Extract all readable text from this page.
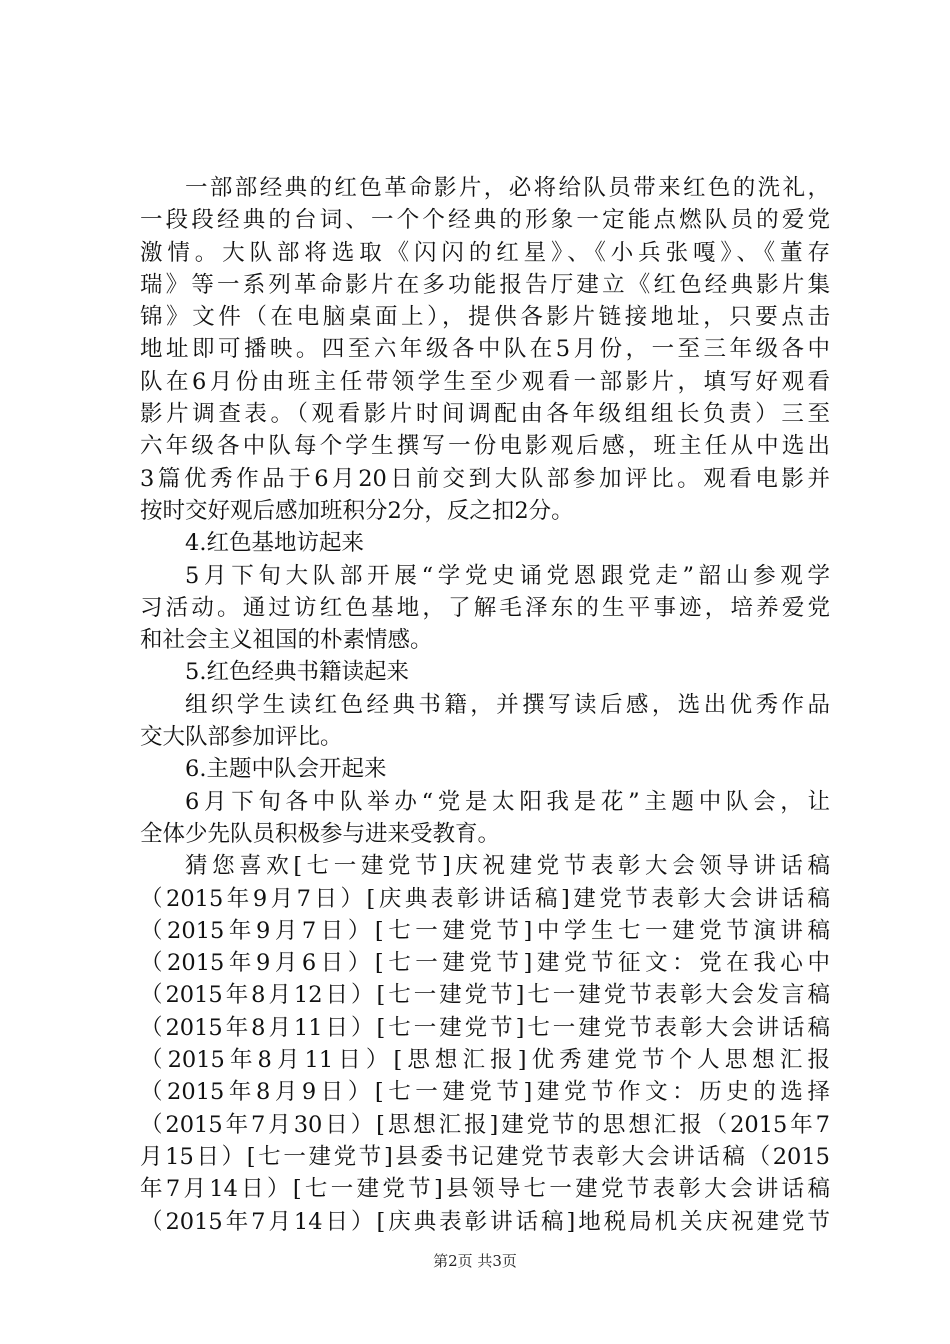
一部部经典的红色革命影片，必将给队员带来红色的洗礼，
一段段经典的台词、一个个经典的形象一定能点燃队员的爱党
激情。大队部将选取《闪闪的红星》、《小兵张嘎》、《董存
瑞》等一系列革命影片在多功能报告厅建立《红色经典影片集
锦》文件（在电脑桌面上），提供各影片链接地址，只要点击
地址即可播映。四至六年级各中队在5月份，一至三年级各中
队在6月份由班主任带领学生至少观看一部影片，填写好观看
影片调查表。（观看影片时间调配由各年级组组长负责）三至
六年级各中队每个学生撰写一份电影观后感，班主任从中选出
3篇优秀作品于6月20日前交到大队部参加评比。观看电影并
按时交好观后感加班积分2分，反之扣2分。
4.红色基地访起来
5月下旬大队部开展“学党史诵党恩跟党走”韶山参观学
习活动。通过访红色基地，了解毛泽东的生平事迹，培养爱党
和社会主义祖国的朴素情感。
5.红色经典书籍读起来
组织学生读红色经典书籍，并撰写读后感，选出优秀作品
交大队部参加评比。
6.主题中队会开起来
6月下旬各中队举办“党是太阳我是花”主题中队会，让
全体少先队员积极参与进来受教育。
猜您喜欢[七一建党节]庆祝建党节表彰大会领导讲话稿
（2015年9月7日）[庆典表彰讲话稿]建党节表彰大会讲话稿
（2015年9月7日）[七一建党节]中学生七一建党节演讲稿
（2015年9月6日）[七一建党节]建党节征文：党在我心中
（2015年8月12日）[七一建党节]七一建党节表彰大会发言稿
（2015年8月11日）[七一建党节]七一建党节表彰大会讲话稿
（2015年8月11日）[思想汇报]优秀建党节个人思想汇报
（2015年8月9日）[七一建党节]建党节作文：历史的选择
（2015年7月30日）[思想汇报]建党节的思想汇报（2015年7
月15日）[七一建党节]县委书记建党节表彰大会讲话稿（2015
年7月14日）[七一建党节]县领导七一建党节表彰大会讲话稿
（2015年7月14日）[庆典表彰讲话稿]地税局机关庆祝建党节
第2页 共3页
